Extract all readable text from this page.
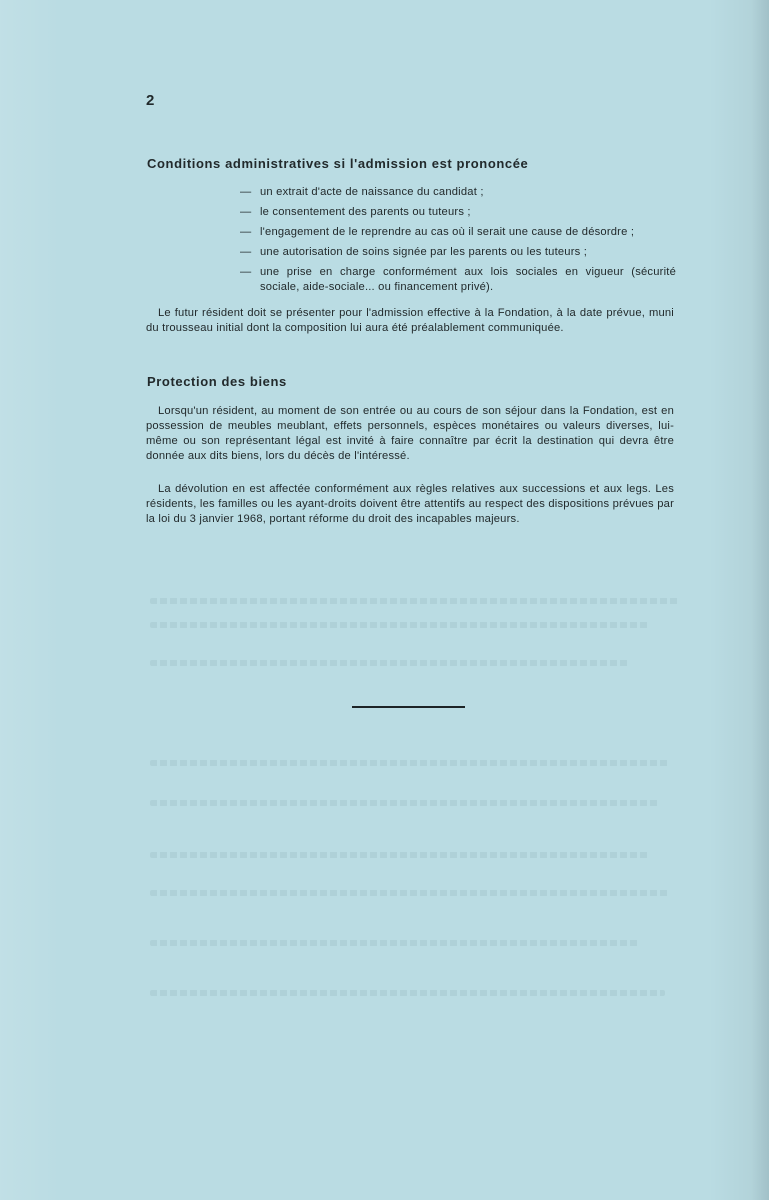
2
Conditions administratives si l'admission est prononcée
— un extrait d'acte de naissance du candidat ;
— le consentement des parents ou tuteurs ;
— l'engagement de le reprendre au cas où il serait une cause de désordre ;
— une autorisation de soins signée par les parents ou les tuteurs ;
— une prise en charge conformément aux lois sociales en vigueur (sécurité sociale, aide-sociale... ou financement privé).

Le futur résident doit se présenter pour l'admission effective à la Fondation, à la date prévue, muni du trousseau initial dont la composition lui aura été préalablement communiquée.

Protection des biens

Lorsqu'un résident, au moment de son entrée ou au cours de son séjour dans la Fondation, est en possession de meubles meublant, effets personnels, espèces monétaires ou valeurs diverses, lui-même ou son représentant légal est invité à faire connaître par écrit la destination qui devra être donnée aux dits biens, lors du décès de l'intéressé.

La dévolution en est affectée conformément aux règles relatives aux successions et aux legs. Les résidents, les familles ou les ayant-droits doivent être attentifs au respect des dispositions prévues par la loi du 3 janvier 1968, portant réforme du droit des incapables majeurs.
